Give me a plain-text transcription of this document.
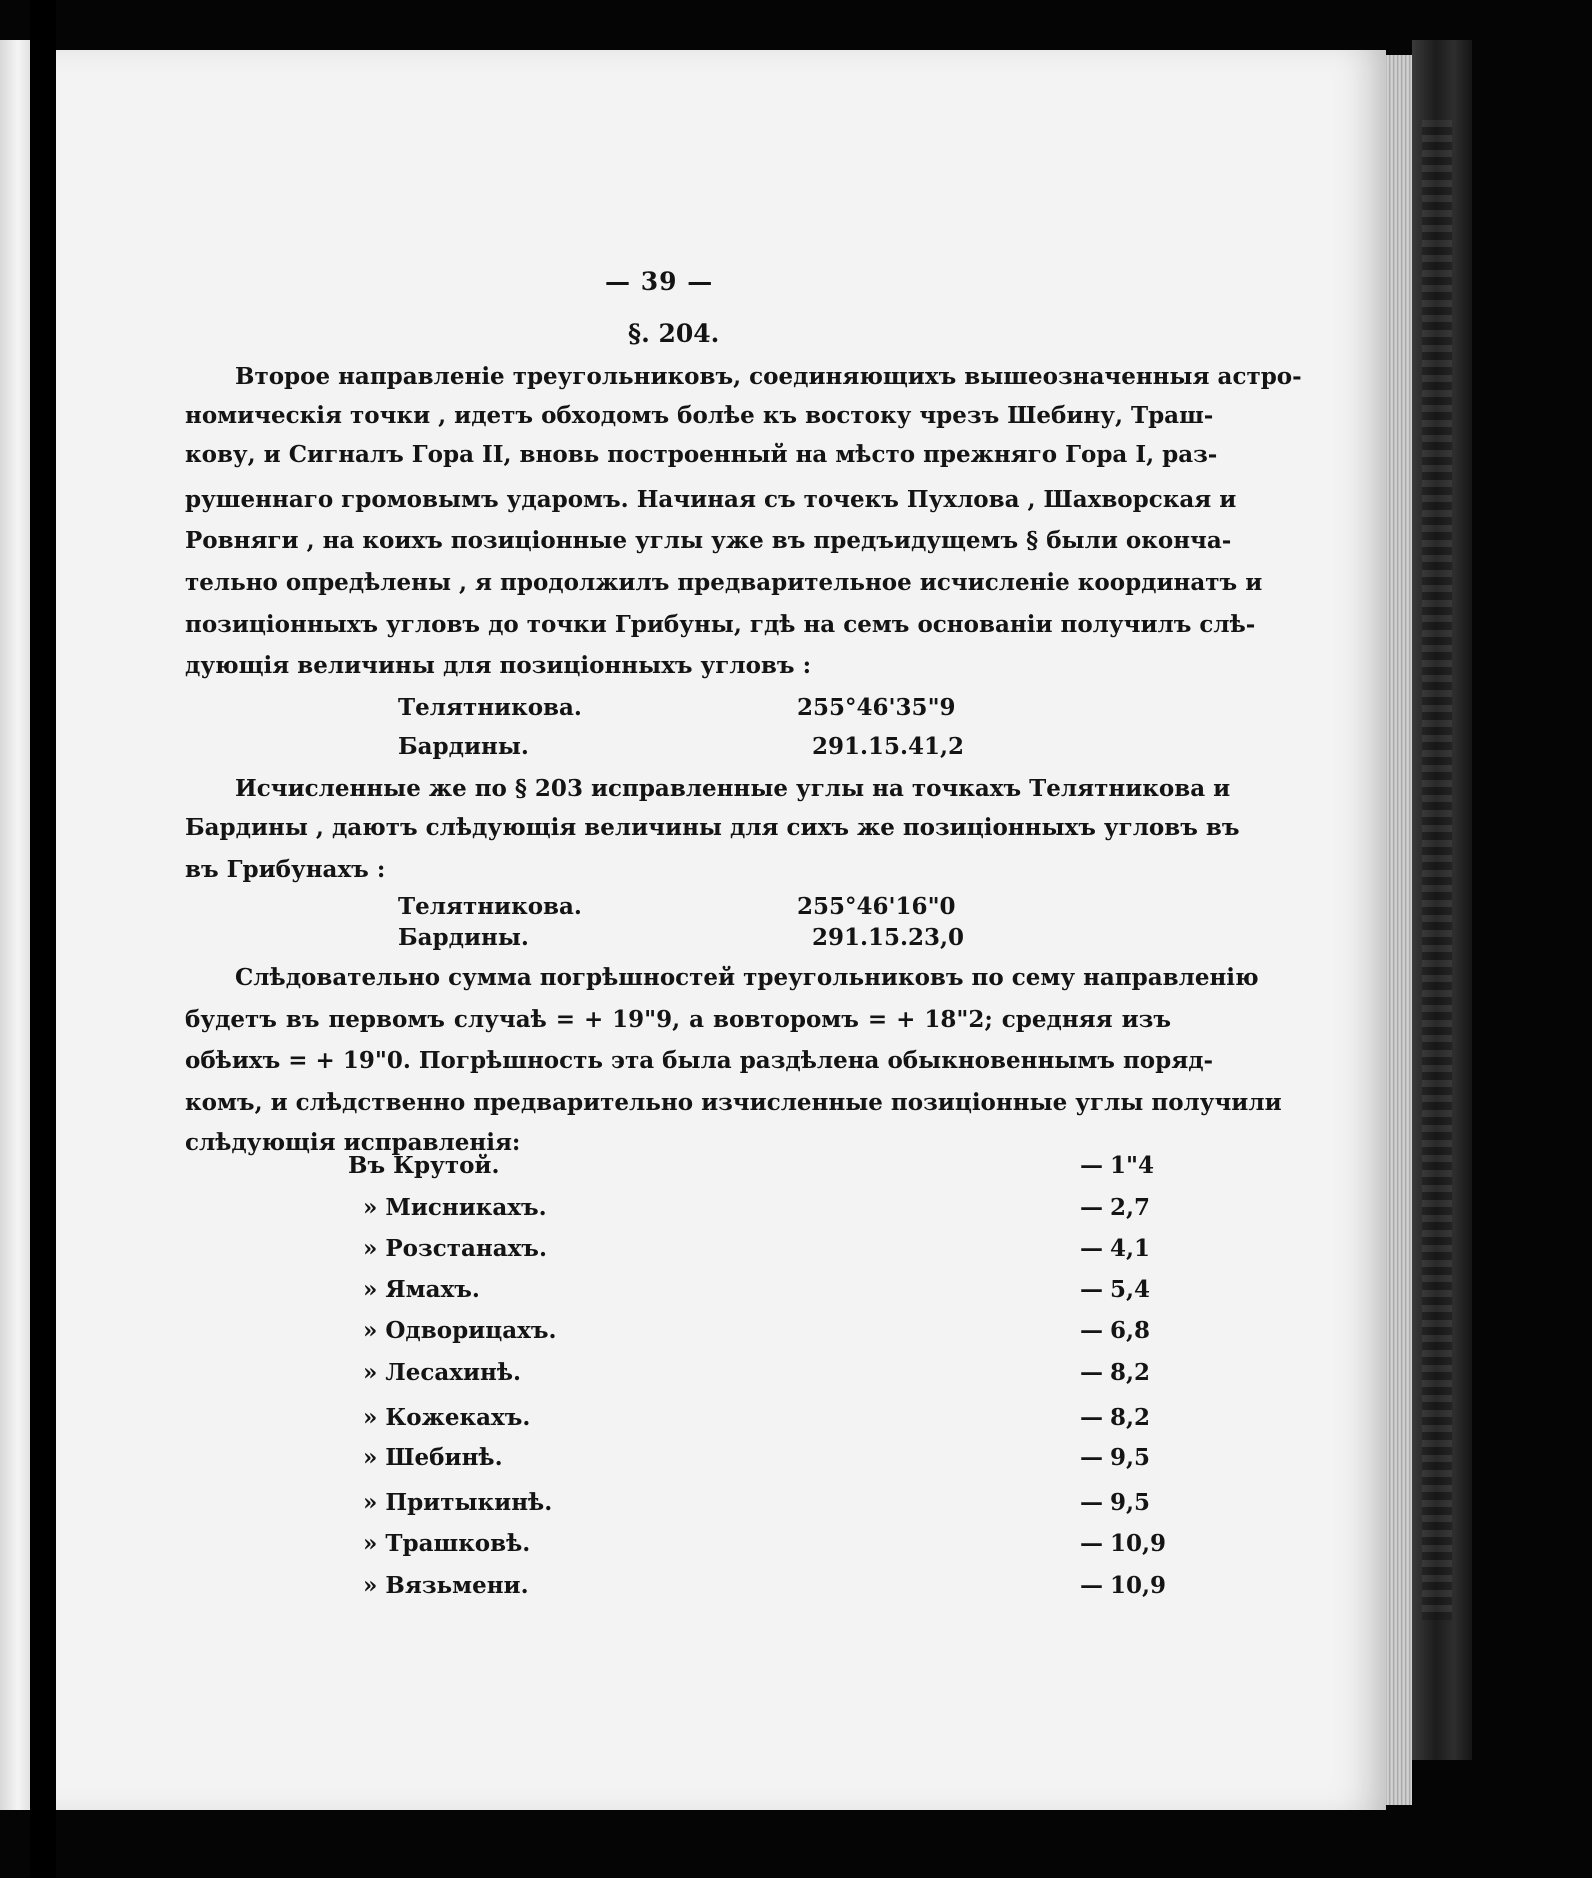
— 39 —
§. 204.
Второе направленіе треугольниковъ, соединяющихъ вышеозначенныя астро-
номическія точки , идетъ обходомъ болѣе къ востоку чрезъ Шебину, Траш-
кову, и Сигналъ Гора II, вновь построенный на мѣсто прежняго Гора I, раз-
рушеннаго громовымъ ударомъ. Начиная съ точекъ Пухлова , Шахворская и
Ровняги , на коихъ позиціонные углы уже въ предъидущемъ § были оконча-
тельно опредѣлены , я продолжилъ предварительное исчисленіе координатъ и
позиціонныхъ угловъ до точки Грибуны, гдѣ на семъ основаніи получилъ слѣ-
дующія величины для позиціонныхъ угловъ :
Телятникова.	255°46'35"9
Бардины.	291.15.41,2
Исчисленные же по § 203 исправленные углы на точкахъ Телятникова и
Бардины , даютъ слѣдующія величины для сихъ же позиціонныхъ угловъ въ
въ Грибунахъ :
Телятникова.	255°46'16"0
Бардины.	291.15.23,0
Слѣдовательно сумма погрѣшностей треугольниковъ по сему направленію
будетъ въ первомъ случаѣ = + 19"9, а вовторомъ = + 18"2; средняя изъ
обѣихъ = + 19"0. Погрѣшность эта была раздѣлена обыкновеннымъ поряд-
комъ, и слѣдственно предварительно изчисленные позиціонные углы получили
слѣдующія исправленія:
Въ Крутой.	— 1"4
» Мисникахъ.	— 2,7
» Розстанахъ.	— 4,1
» Ямахъ.	— 5,4
» Одворицахъ.	— 6,8
» Лесахинѣ.	— 8,2
» Кожекахъ.	— 8,2
» Шебинѣ.	— 9,5
» Притыкинѣ.	— 9,5
» Трашковѣ.	— 10,9
» Вязьмени.	— 10,9
